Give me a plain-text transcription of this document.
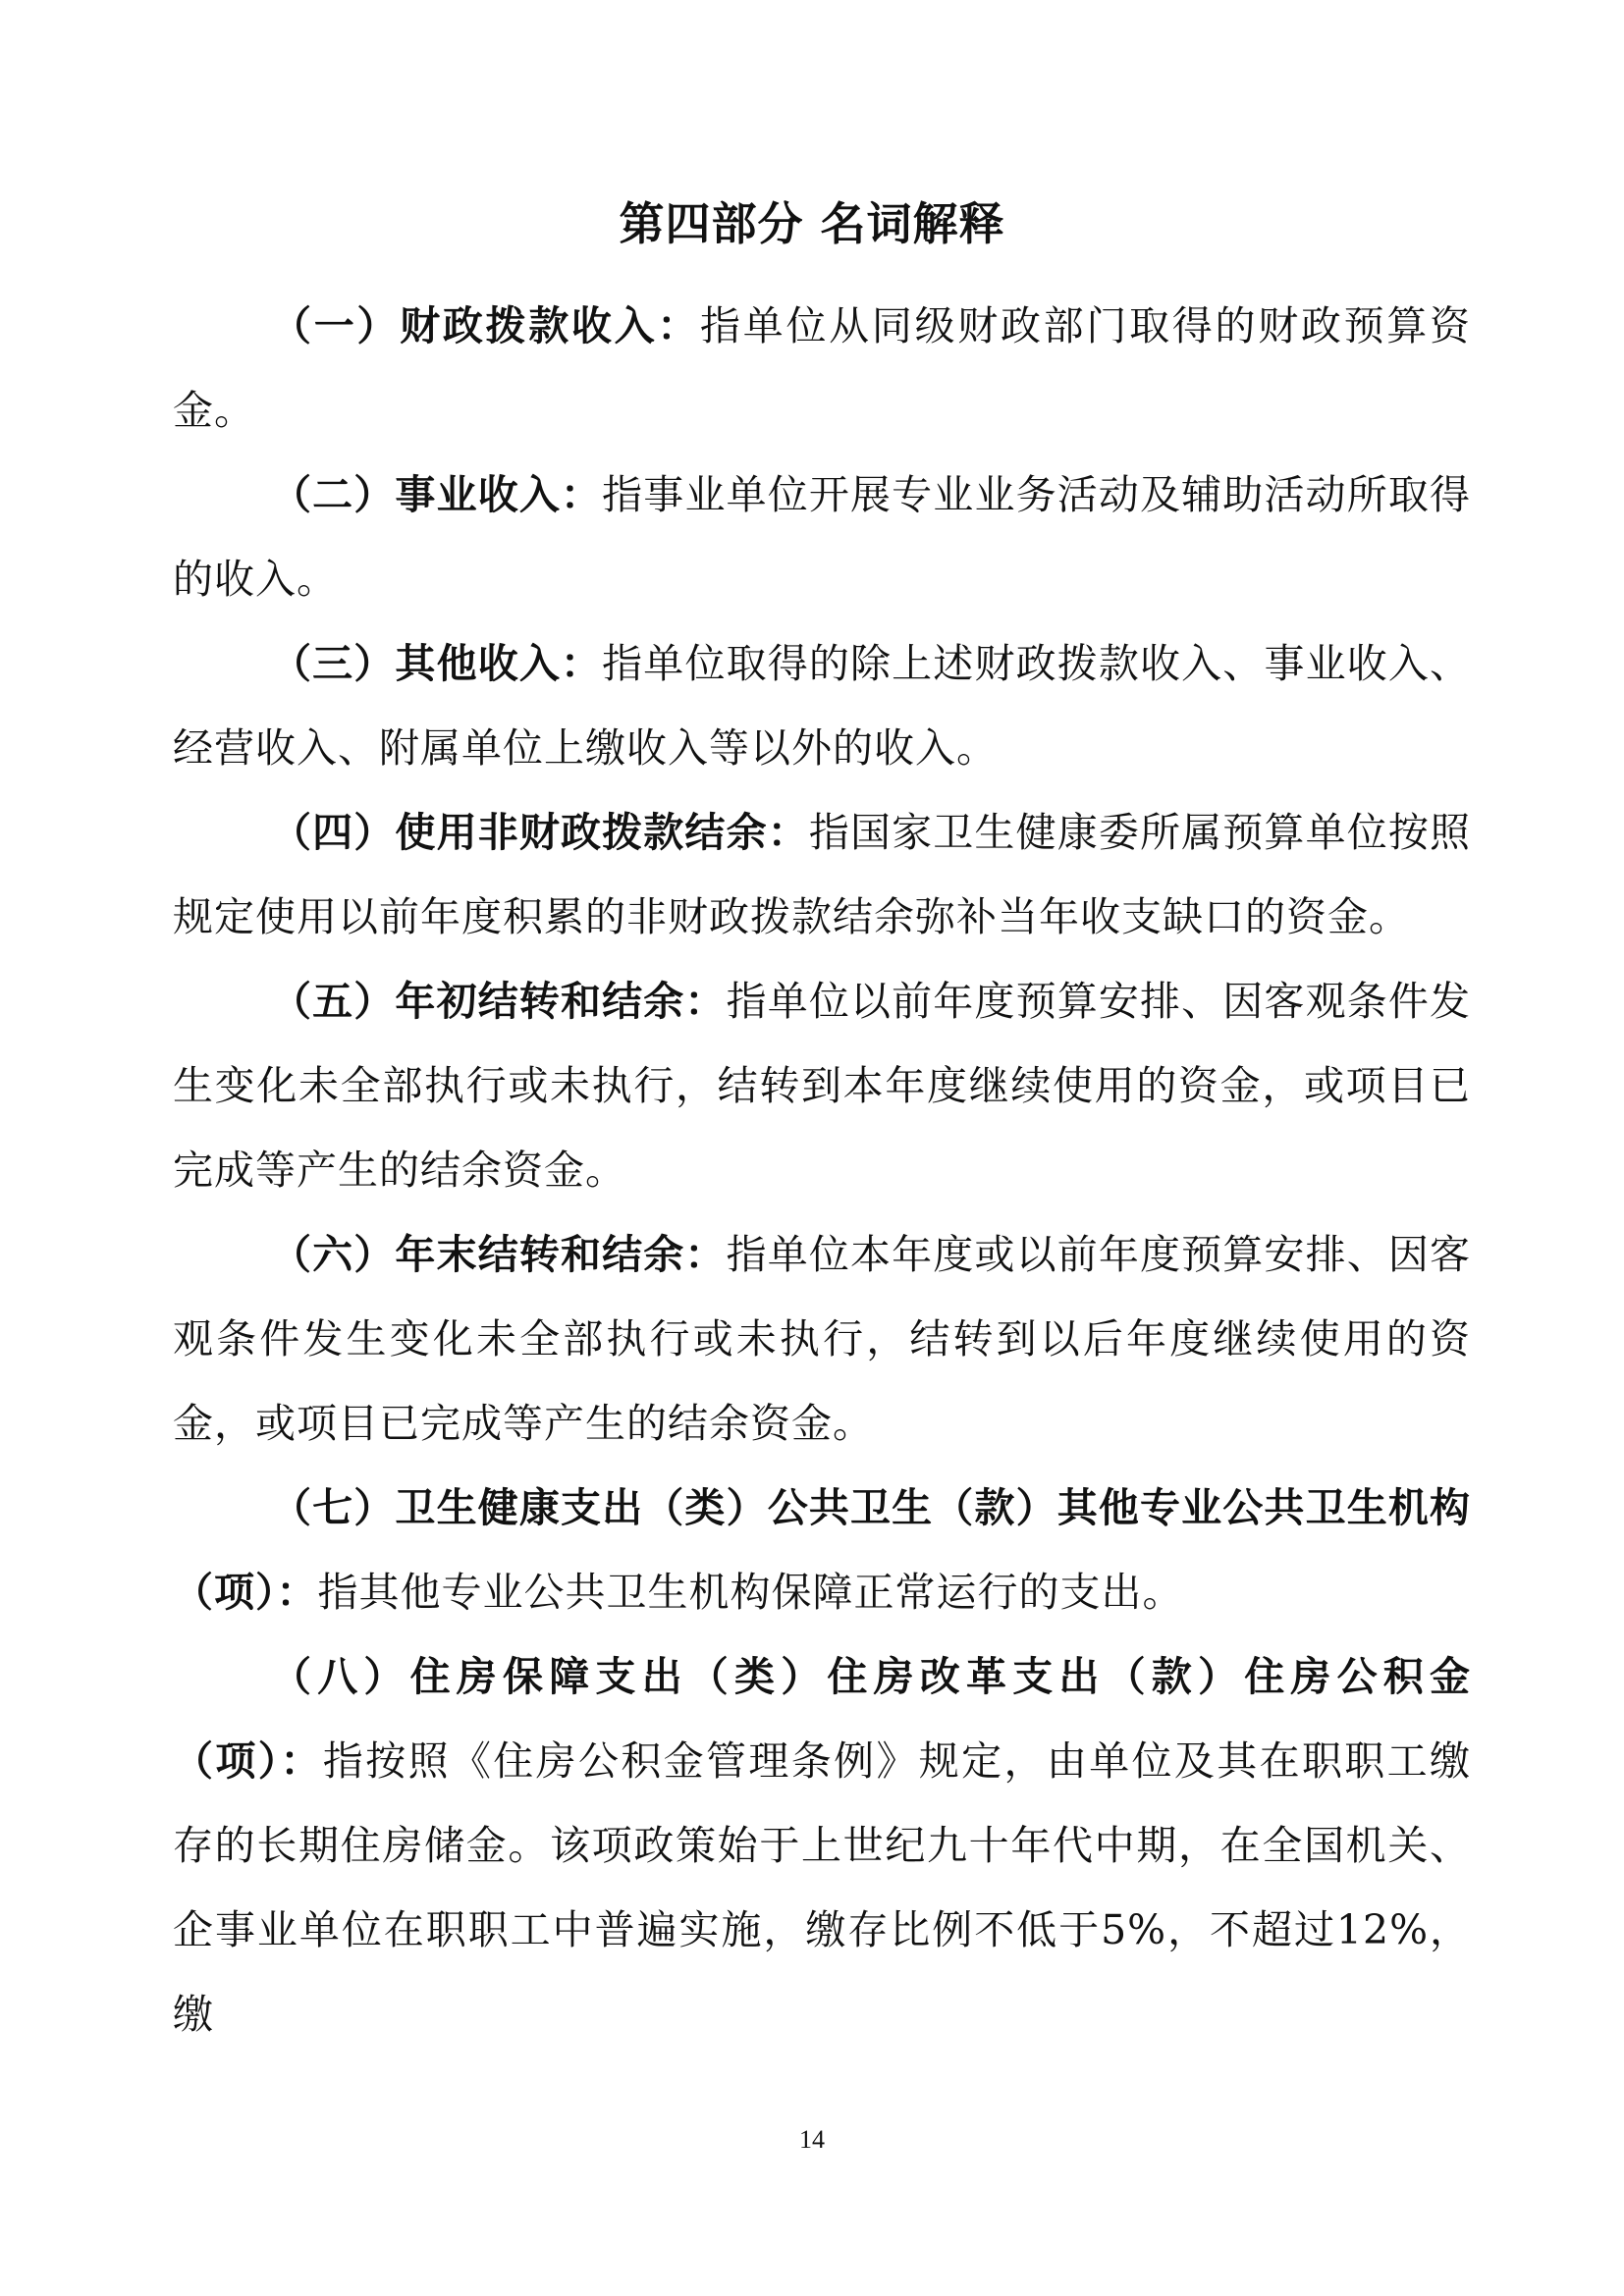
第四部分 名词解释

（一）财政拨款收入：指单位从同级财政部门取得的财政预算资金。

（二）事业收入：指事业单位开展专业业务活动及辅助活动所取得的收入。

（三）其他收入：指单位取得的除上述财政拨款收入、事业收入、经营收入、附属单位上缴收入等以外的收入。

（四）使用非财政拨款结余：指国家卫生健康委所属预算单位按照规定使用以前年度积累的非财政拨款结余弥补当年收支缺口的资金。

（五）年初结转和结余：指单位以前年度预算安排、因客观条件发生变化未全部执行或未执行，结转到本年度继续使用的资金，或项目已完成等产生的结余资金。

（六）年末结转和结余：指单位本年度或以前年度预算安排、因客观条件发生变化未全部执行或未执行，结转到以后年度继续使用的资金，或项目已完成等产生的结余资金。

（七）卫生健康支出（类）公共卫生（款）其他专业公共卫生机构（项）：指其他专业公共卫生机构保障正常运行的支出。

（八）住房保障支出（类）住房改革支出（款）住房公积金（项）：指按照《住房公积金管理条例》规定，由单位及其在职职工缴存的长期住房储金。该项政策始于上世纪九十年代中期，在全国机关、企事业单位在职职工中普遍实施，缴存比例不低于5%，不超过12%，缴

14
